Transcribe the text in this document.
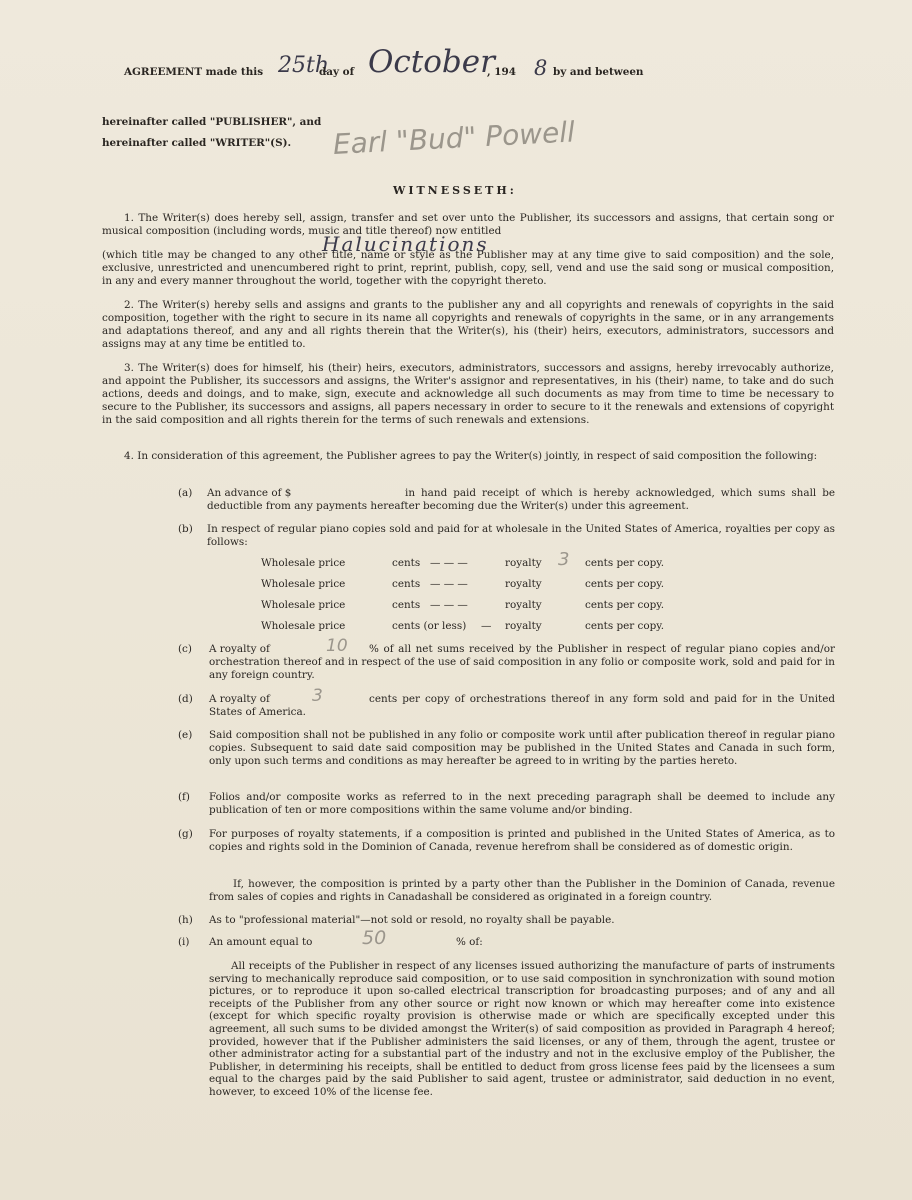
AGREEMENT made this 25th
day of October
, 194 8 by and between
hereinafter called "PUBLISHER", and
hereinafter called "WRITER"(S). Earl "Bud" Powell
WITNESSETH:
1. The Writer(s) does hereby sell, assign, transfer and set over unto the Publisher, its successors and assigns, that certain song or musical composition (including words, music and title thereof) now entitled
Halucinations
(which title may be changed to any other title, name or style as the Publisher may at any time give to said composition) and the sole, exclusive, unrestricted and unencumbered right to print, reprint, publish, copy, sell, vend and use the said song or musical composition, in any and every manner throughout the world, together with the copyright thereto.
2. The Writer(s) hereby sells and assigns and grants to the publisher any and all copyrights and renewals of copyrights in the said composition, together with the right to secure in its name all copyrights and renewals of copyrights in the same, or in any arrangements and adaptations thereof, and any and all rights therein that the Writer(s), his (their) heirs, executors, administrators, successors and assigns may at any time be entitled to.
3. The Writer(s) does for himself, his (their) heirs, executors, administrators, successors and assigns, hereby irrevocably authorize, and appoint the Publisher, its successors and assigns, the Writer's assignor and representatives, in his (their) name, to take and do such actions, deeds and doings, and to make, sign, execute and acknowledge all such documents as may from time to time be necessary to secure to the Publisher, its successors and assigns, all papers necessary in order to secure to it the renewals and extensions of copyright in the said composition and all rights therein for the terms of such renewals and extensions.
4. In consideration of this agreement, the Publisher agrees to pay the Writer(s) jointly, in respect of said composition the following:
(a) An advance of $	in hand paid receipt of which is hereby acknowledged, which sums shall be deductible from any payments hereafter becoming due the Writer(s) under this agreement.
(b) In respect of regular piano copies sold and paid for at wholesale in the United States of America, royalties per copy as follows:
Wholesale price	cents — — —	royalty 3 cents per copy.
Wholesale price	cents — — —	royalty	cents per copy.
Wholesale price	cents — — —	royalty	cents per copy.
Wholesale price	cents (or less) — royalty	cents per copy.
(c) A royalty of	10	% of all net sums received by the Publisher in respect of regular piano copies and/or orchestration thereof and in respect of the use of said composition in any folio or composite work, sold and paid for in any foreign country.
(d) A royalty of 3	cents per copy of orchestrations thereof in any form sold and paid for in the United States of America.
(e) Said composition shall not be published in any folio or composite work until after publication thereof in regular piano copies. Subsequent to said date said composition may be published in the United States and Canada in such form, only upon such terms and conditions as may hereafter be agreed to in writing by the parties hereto.
(f) Folios and/or composite works as referred to in the next preceding paragraph shall be deemed to include any publication of ten or more compositions within the same volume and/or binding.
(g) For purposes of royalty statements, if a composition is printed and published in the United States of America, as to copies and rights sold in the Dominion of Canada, revenue herefrom shall be considered as of domestic origin.
If, however, the composition is printed by a party other than the Publisher in the Dominion of Canada, revenue from sales of copies and rights in Canadashall be considered as originated in a foreign country.
(h) As to "professional material"—not sold or resold, no royalty shall be payable.
(i) An amount equal to	50	% of:
All receipts of the Publisher in respect of any licenses issued authorizing the manufacture of parts of instruments serving to mechanically reproduce said composition, or to use said composition in synchronization with sound motion pictures, or to reproduce it upon so-called electrical transcription for broadcasting purposes; and of any and all receipts of the Publisher from any other source or right now known or which may hereafter come into existence (except for which specific royalty provision is otherwise made or which are specifically excepted under this agreement, all such sums to be divided amongst the Writer(s) of said composition as provided in Paragraph 4 hereof; provided, however that if the Publisher administers the said licenses, or any of them, through the agent, trustee or other administrator acting for a substantial part of the industry and not in the exclusive employ of the Publisher, the Publisher, in determining his receipts, shall be entitled to deduct from gross license fees paid by the licensees a sum equal to the charges paid by the said Publisher to said agent, trustee or administrator, said deduction in no event, however, to exceed 10% of the license fee.
